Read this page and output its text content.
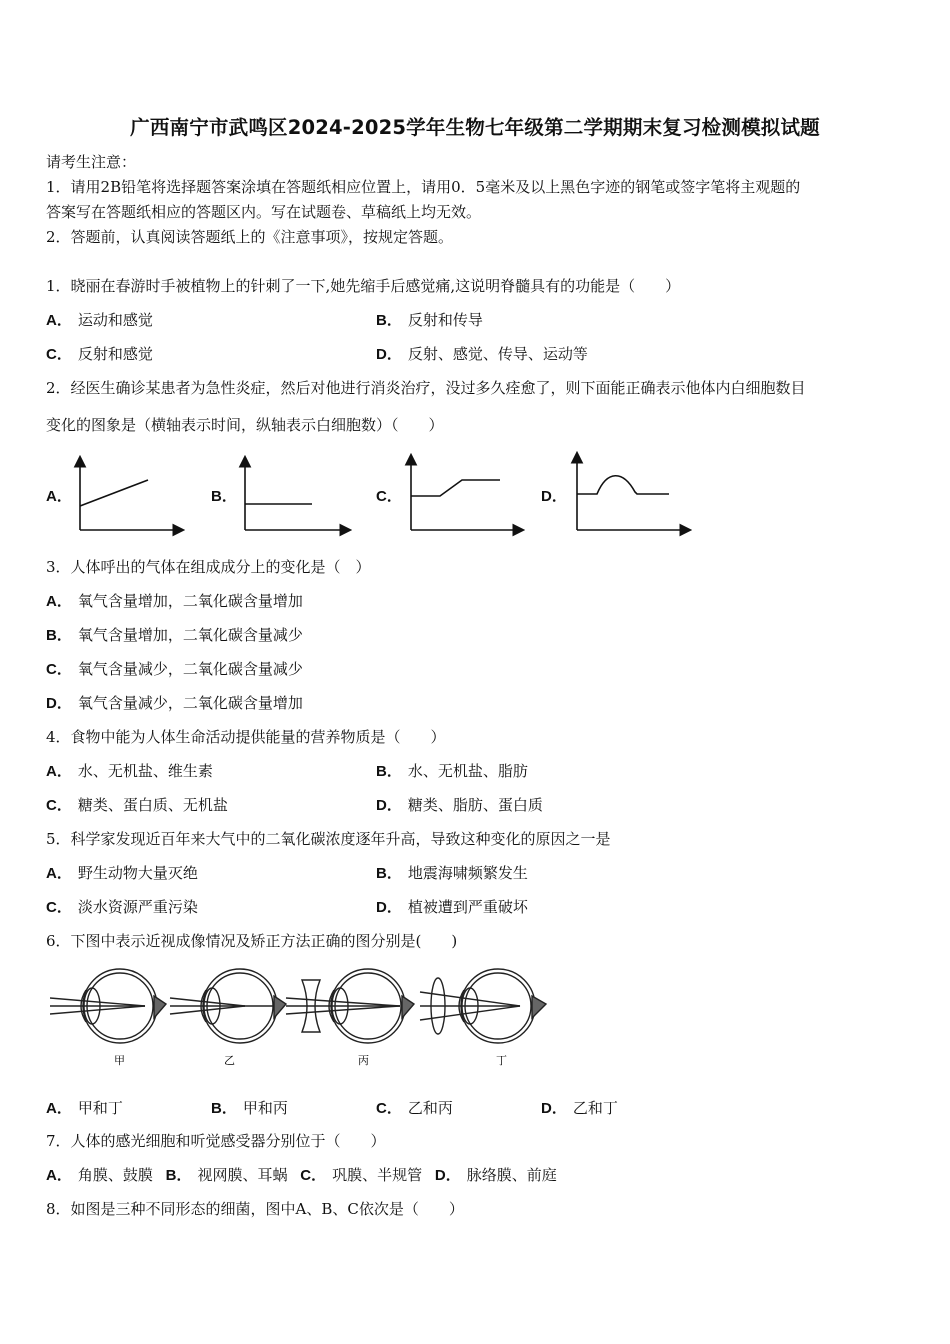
广西南宁市武鸣区2024-2025学年生物七年级第二学期期末复习检测模拟试题
请考生注意：
1．请用2B铅笔将选择题答案涂填在答题纸相应位置上，请用0．5毫米及以上黑色字迹的钢笔或签字笔将主观题的
答案写在答题纸相应的答题区内。写在试题卷、草稿纸上均无效。
2．答题前，认真阅读答题纸上的《注意事项》，按规定答题。
1．晓丽在春游时手被植物上的针刺了一下,她先缩手后感觉痛,这说明脊髓具有的功能是（　　）
A． 运动和感觉	B． 反射和传导
C． 反射和感觉	D． 反射、感觉、传导、运动等
2．经医生确诊某患者为急性炎症，然后对他进行消炎治疗，没过多久痊愈了，则下面能正确表示他体内白细胞数目
变化的图象是（横轴表示时间，纵轴表示白细胞数）（　　）
A．	B．	C．	D．
3．人体呼出的气体在组成成分上的变化是（　）
A． 氧气含量增加，二氧化碳含量增加
B． 氧气含量增加，二氧化碳含量减少
C． 氧气含量减少，二氧化碳含量减少
D． 氧气含量减少，二氧化碳含量增加
4．食物中能为人体生命活动提供能量的营养物质是（　　）
A． 水、无机盐、维生素	B． 水、无机盐、脂肪
C． 糖类、蛋白质、无机盐	D． 糖类、脂肪、蛋白质
5．科学家发现近百年来大气中的二氧化碳浓度逐年升高，导致这种变化的原因之一是
A． 野生动物大量灭绝	B． 地震海啸频繁发生
C． 淡水资源严重污染	D． 植被遭到严重破坏
6．下图中表示近视成像情况及矫正方法正确的图分别是(　　)
甲	乙	丙	丁
A． 甲和丁	B． 甲和丙	C． 乙和丙	D． 乙和丁
7．人体的感光细胞和听觉感受器分别位于（　　）
A． 角膜、鼓膜 B． 视网膜、耳蜗 C． 巩膜、半规管 D． 脉络膜、前庭
8．如图是三种不同形态的细菌，图中A、B、C依次是（　　）
